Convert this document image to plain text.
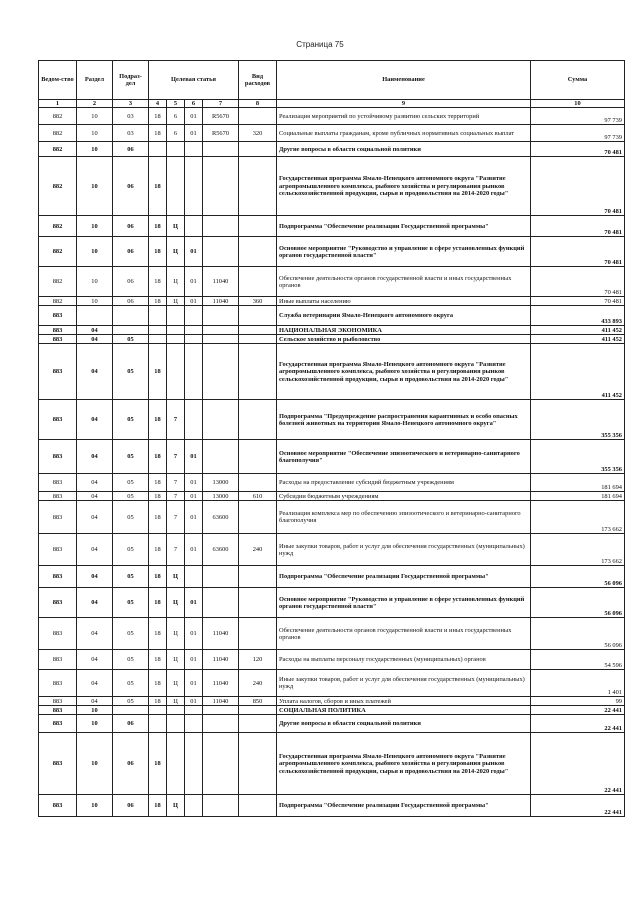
Страница 75
Ведом-ство	Раздел	Подраз-дел	Целевая статья				Вид расходов	Наименование	Сумма
1	2	3	4	5	6	7	8	9	10
882	10	03	18	6	01	R5670		Реализация мероприятий по устойчивому развитию сельских территорий	97 739
882	10	03	18	6	01	R5670	320	Социальные выплаты гражданам, кроме публичных нормативных социальных выплат	97 739
882	10	06						Другие вопросы в области социальной политики	70 481
882	10	06	18					Государственная программа Ямало-Ненецкого автономного округа "Развитие агропромышленного комплекса, рыбного хозяйства и регулирования рынков сельскохозяйственной продукции, сырья и продовольствия на 2014-2020 годы"	70 481
882	10	06	18	Ц				Подпрограмма "Обеспечение реализации Государственной программы"	70 481
882	10	06	18	Ц	01			Основное мероприятие "Руководство и управление в сфере установленных функций органов государственной власти"	70 481
882	10	06	18	Ц	01	11040		Обеспечение деятельности органов государственной власти и иных государственных органов	70 481
882	10	06	18	Ц	01	11040	360	Иные выплаты населению	70 481
883								Служба ветеринарии Ямало-Ненецкого автономного округа	433 893
883	04							НАЦИОНАЛЬНАЯ ЭКОНОМИКА	411 452
883	04	05						Сельское хозяйство и рыболовство	411 452
883	04	05	18					Государственная программа Ямало-Ненецкого автономного округа "Развитие агропромышленного комплекса, рыбного хозяйства и регулирования рынков сельскохозяйственной продукции, сырья и продовольствия на 2014-2020 годы"	411 452
883	04	05	18	7				Подпрограмма "Предупреждение распространения карантинных и особо опасных болезней животных на территории Ямало-Ненецкого автономного округа"	355 356
883	04	05	18	7	01			Основное мероприятие "Обеспечение эпизоотического и ветеринарно-санитарного благополучия"	355 356
883	04	05	18	7	01	13000		Расходы на предоставление субсидий бюджетным учреждениям	181 694
883	04	05	18	7	01	13000	610	Субсидии бюджетным учреждениям	181 694
883	04	05	18	7	01	63600		Реализация комплекса мер по обеспечению эпизоотического и ветеринарно-санитарного благополучия	173 662
883	04	05	18	7	01	63600	240	Иные закупки товаров, работ и услуг для обеспечения государственных (муниципальных) нужд	173 662
883	04	05	18	Ц				Подпрограмма "Обеспечение реализации Государственной программы"	56 096
883	04	05	18	Ц	01			Основное мероприятие "Руководство и управление в сфере установленных функций органов государственной власти"	56 096
883	04	05	18	Ц	01	11040		Обеспечение деятельности органов государственной власти и иных государственных органов	56 096
883	04	05	18	Ц	01	11040	120	Расходы на выплаты персоналу государственных (муниципальных) органов	54 596
883	04	05	18	Ц	01	11040	240	Иные закупки товаров, работ и услуг для обеспечения государственных (муниципальных) нужд	1 401
883	04	05	18	Ц	01	11040	850	Уплата налогов, сборов и иных платежей	99
883	10							СОЦИАЛЬНАЯ ПОЛИТИКА	22 441
883	10	06						Другие вопросы в области социальной политики	22 441
883	10	06	18					Государственная программа Ямало-Ненецкого автономного округа "Развитие агропромышленного комплекса, рыбного хозяйства и регулирования рынков сельскохозяйственной продукции, сырья и продовольствия на 2014-2020 годы"	22 441
883	10	06	18	Ц				Подпрограмма "Обеспечение реализации Государственной программы"	22 441
